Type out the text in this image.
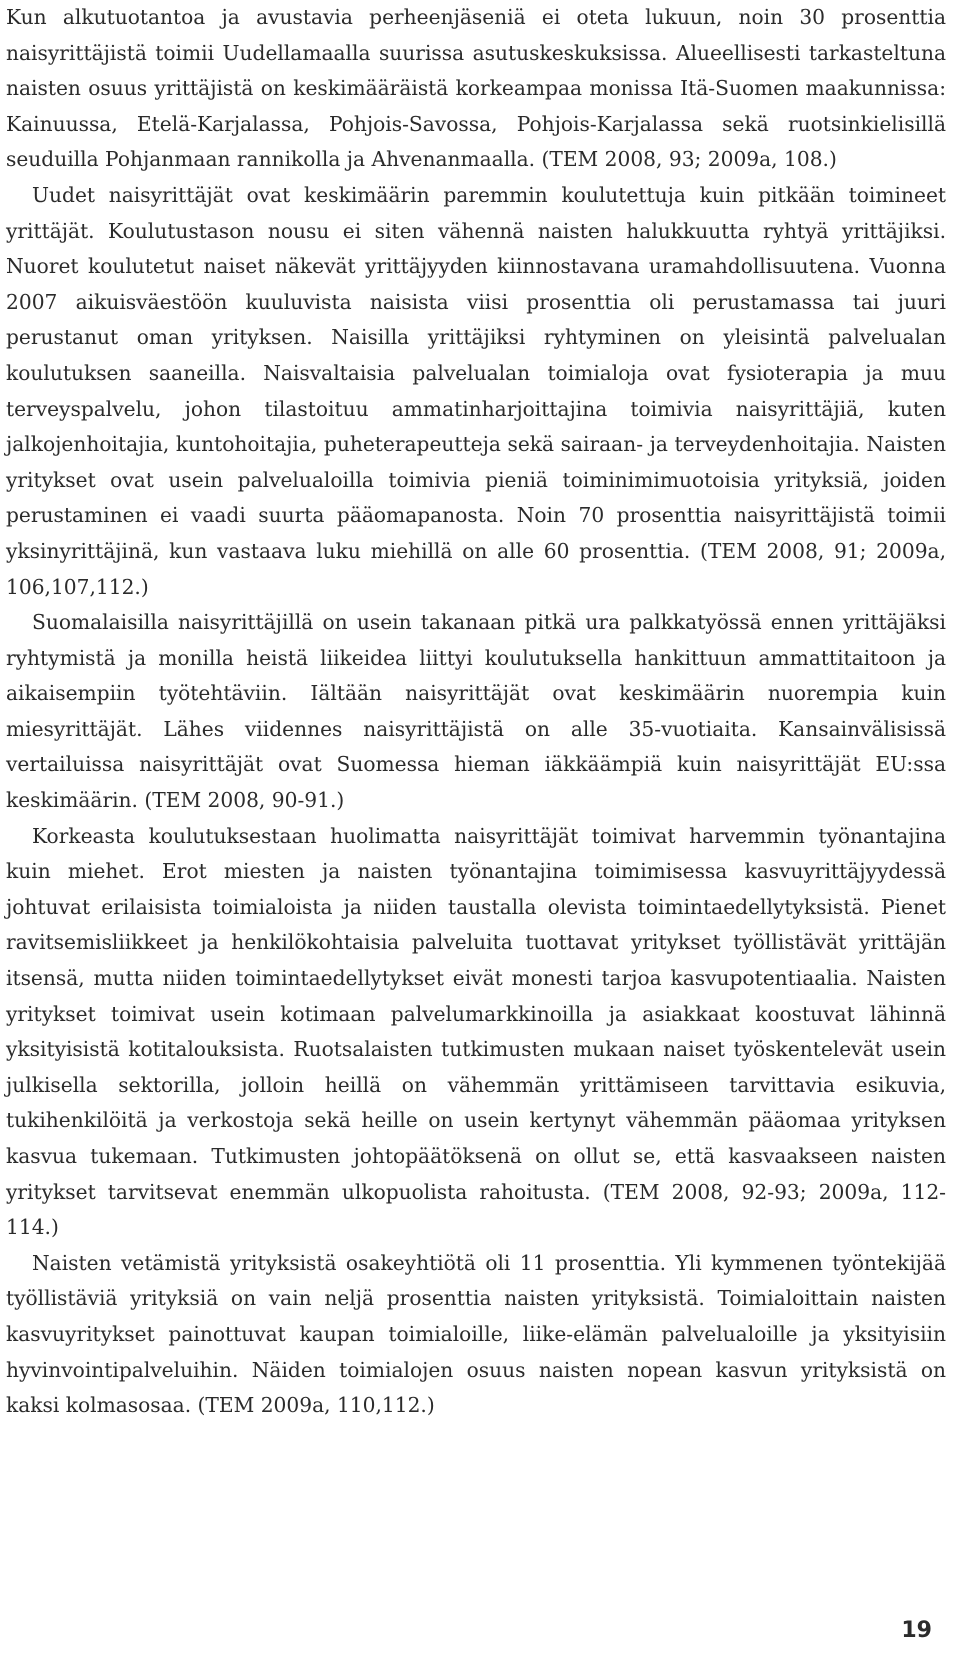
Kun alkutuotantoa ja avustavia perheenjäseniä ei oteta lukuun, noin 30 prosenttia naisyrittäjistä toimii Uudellamaalla suurissa asutuskeskuksissa. Alueellisesti tarkasteltuna naisten osuus yrittäjistä on keskimääräistä korkeampaa monissa Itä-Suomen maakunnissa: Kainuussa, Etelä-Karjalassa, Pohjois-Savossa, Pohjois-Karjalassa sekä ruotsinkielisillä seuduilla Pohjanmaan rannikolla ja Ahvenanmaalla. (TEM 2008, 93; 2009a, 108.)

Uudet naisyrittäjät ovat keskimäärin paremmin koulutettuja kuin pitkään toimineet yrittäjät. Koulutustason nousu ei siten vähennä naisten halukkuutta ryhtyä yrittäjiksi. Nuoret koulutetut naiset näkevät yrittäjyyden kiinnostavana uramahdollisuutena. Vuonna 2007 aikuisväestöön kuuluvista naisista viisi prosenttia oli perustamassa tai juuri perustanut oman yrityksen. Naisilla yrittäjiksi ryhtyminen on yleisintä palvelualan koulutuksen saaneilla. Naisvaltaisia palvelualan toimialoja ovat fysioterapia ja muu terveyspalvelu, johon tilastoituu ammatinharjoittajina toimivia naisyrittäjiä, kuten jalkojenhoitajia, kuntohoitajia, puheterapeutteja sekä sairaan- ja terveydenhoitajia. Naisten yritykset ovat usein palvelualoilla toimivia pieniä toiminimimuotoisia yrityksiä, joiden perustaminen ei vaadi suurta pääomapanostа. Noin 70 prosenttia naisyrittäjistä toimii yksinyrittäjinä, kun vastaava luku miehillä on alle 60 prosenttia. (TEM 2008, 91; 2009a, 106,107,112.)

Suomalaisilla naisyrittäjillä on usein takanaan pitkä ura palkkatyössä ennen yrittäjäksi ryhtymistä ja monilla heistä liikeidea liittyi koulutuksella hankittuun ammattitaitoon ja aikaisempiin työtehtäviin. Iältään naisyrittäjät ovat keskimäärin nuorempia kuin miesyrittäjät. Lähes viidennes naisyrittäjistä on alle 35-vuotiaita. Kansainvälisissä vertailuissa naisyrittäjät ovat Suomessa hieman iäkkäämpiä kuin naisyrittäjät EU:ssa keskimäärin. (TEM 2008, 90-91.)

Korkeasta koulutuksestaan huolimatta naisyrittäjät toimivat harvemmin työnantajina kuin miehet. Erot miesten ja naisten työnantajina toimimisessa kasvuyrittäjyydessä johtuvat erilaisista toimialoista ja niiden taustalla olevista toimintaedellytyksistä. Pienet ravitsemisliikkeet ja henkilökohtaisia palveluita tuottavat yritykset työllistävät yrittäjän itsensä, mutta niiden toimintaedellytykset eivät monesti tarjoa kasvupotentiaalia. Naisten yritykset toimivat usein kotimaan palvelumarkkinoilla ja asiakkaat koostuvat lähinnä yksityisistä kotitalouksista. Ruotsalaisten tutkimusten mukaan naiset työskentelevät usein julkisella sektorilla, jolloin heillä on vähemmän yrittämiseen tarvittavia esikuvia, tukihenkilöitä ja verkostoja sekä heille on usein kertynyt vähemmän pääomaa yrityksen kasvua tukemaan. Tutkimusten johtopäätöksenä on ollut se, että kasvaakseen naisten yritykset tarvitsevat enemmän ulkopuolista rahoitusta. (TEM 2008, 92-93; 2009a, 112-114.)

Naisten vetämistä yrityksistä osakeyhtiötä oli 11 prosenttia. Yli kymmenen työntekijää työllistäviä yrityksiä on vain neljä prosenttia naisten yrityksistä. Toimialoittain naisten kasvuyritykset painottuvat kaupan toimialoille, liike-elämän palvelualoille ja yksityisiin hyvinvointipalveluihin. Näiden toimialojen osuus naisten nopean kasvun yrityksistä on kaksi kolmasosaa. (TEM 2009a, 110,112.)

19
